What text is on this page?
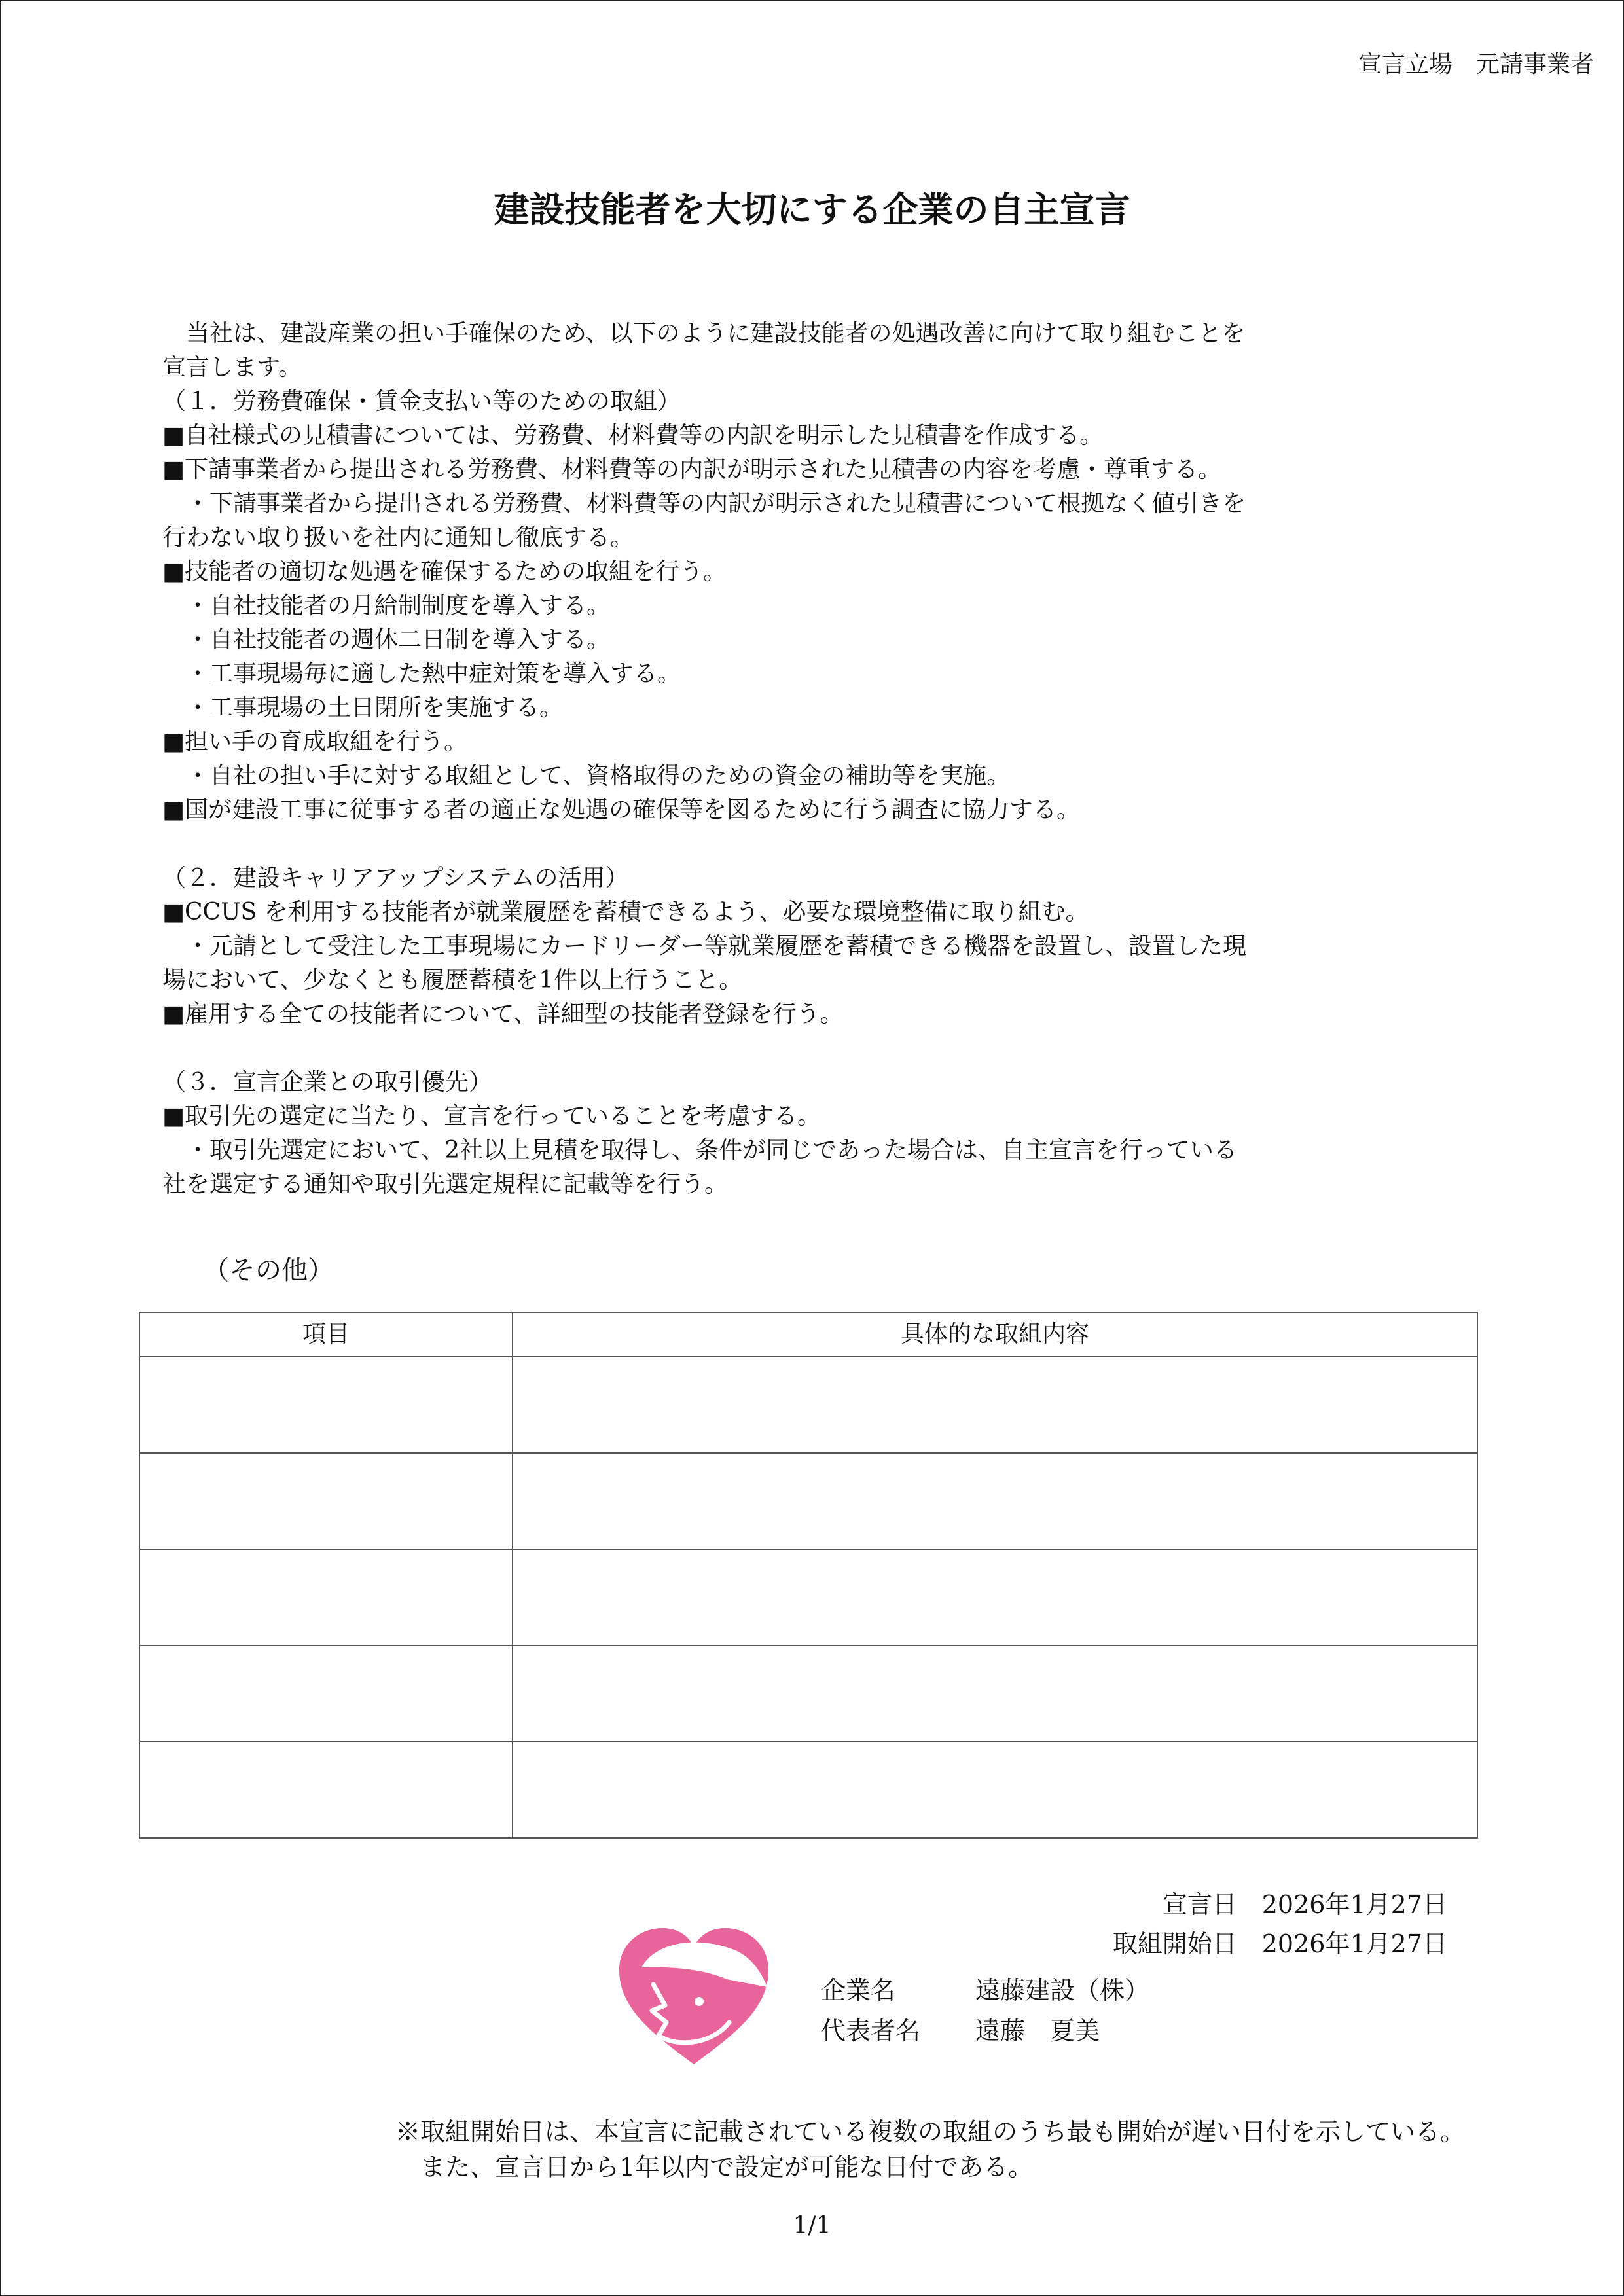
宣言立場　元請事業者
建設技能者を大切にする企業の自主宣言
　当社は、建設産業の担い手確保のため、以下のように建設技能者の処遇改善に向けて取り組むことを
宣言します。
（１．労務費確保・賃金支払い等のための取組）
■自社様式の見積書については、労務費、材料費等の内訳を明示した見積書を作成する。
■下請事業者から提出される労務費、材料費等の内訳が明示された見積書の内容を考慮・尊重する。
　・下請事業者から提出される労務費、材料費等の内訳が明示された見積書について根拠なく値引きを
行わない取り扱いを社内に通知し徹底する。
■技能者の適切な処遇を確保するための取組を行う。
　・自社技能者の月給制制度を導入する。
　・自社技能者の週休二日制を導入する。
　・工事現場毎に適した熱中症対策を導入する。
　・工事現場の土日閉所を実施する。
■担い手の育成取組を行う。
　・自社の担い手に対する取組として、資格取得のための資金の補助等を実施。
■国が建設工事に従事する者の適正な処遇の確保等を図るために行う調査に協力する。
（２．建設キャリアアップシステムの活用）
■CCUS を利用する技能者が就業履歴を蓄積できるよう、必要な環境整備に取り組む。
　・元請として受注した工事現場にカードリーダー等就業履歴を蓄積できる機器を設置し、設置した現
場において、少なくとも履歴蓄積を1件以上行うこと。
■雇用する全ての技能者について、詳細型の技能者登録を行う。
（３．宣言企業との取引優先）
■取引先の選定に当たり、宣言を行っていることを考慮する。
　・取引先選定において、2社以上見積を取得し、条件が同じであった場合は、自主宣言を行っている
社を選定する通知や取引先選定規程に記載等を行う。
（その他）
項目	具体的な取組内容

宣言日　 2026年1月27日
取組開始日　 2026年1月27日
企業名	遠藤建設（株）
代表者名 遠藤　夏美
※取組開始日は、本宣言に記載されている複数の取組のうち最も開始が遅い日付を示している。
　また、宣言日から1年以内で設定が可能な日付である。
1/1
